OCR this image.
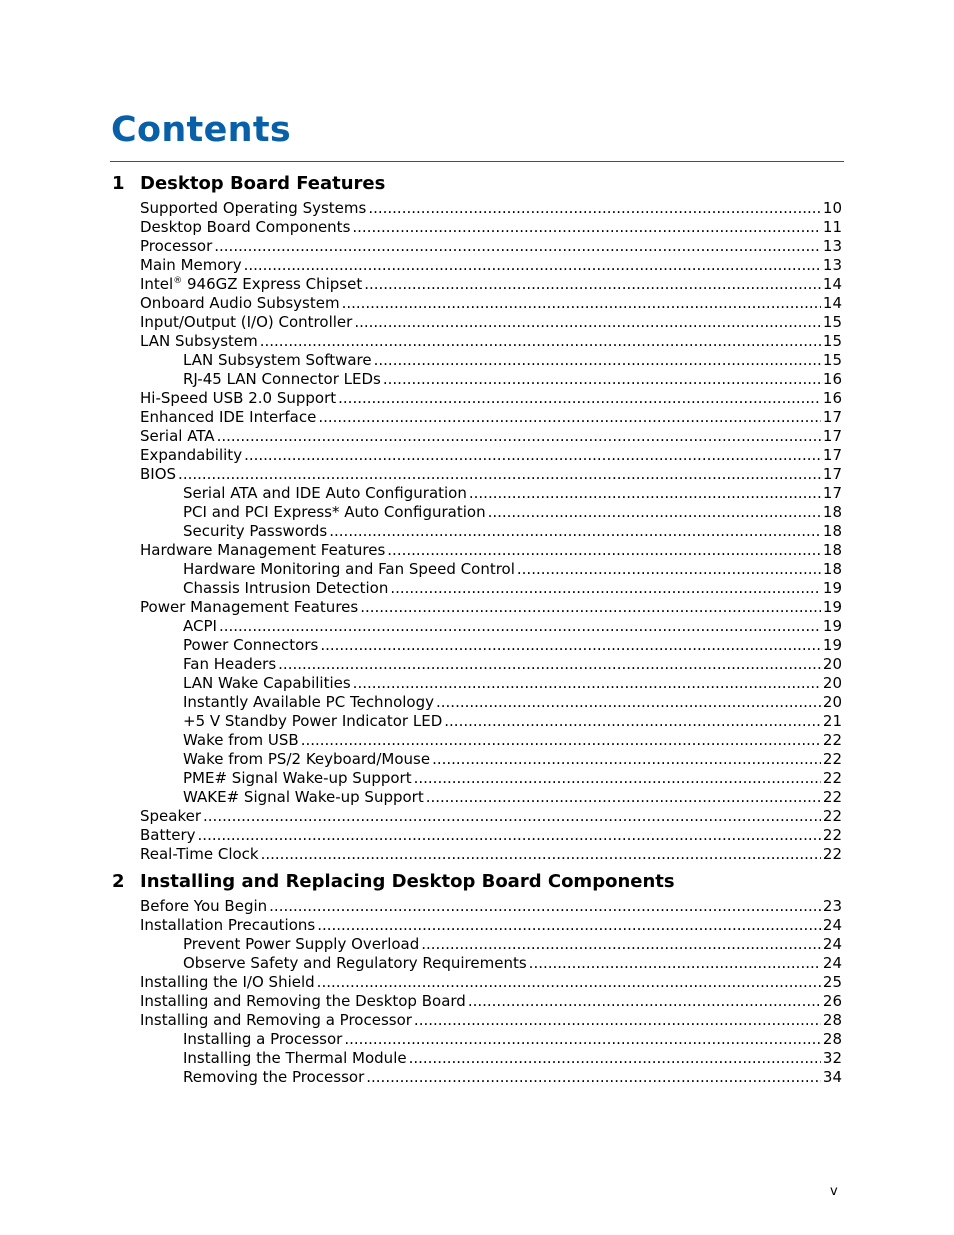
Contents
1 Desktop Board Features
Supported Operating Systems .....	10
Desktop Board Components .....	11
Processor .....	13
Main Memory .....	13
Intel® 946GZ Express Chipset .....	14
Onboard Audio Subsystem .....	14
Input/Output (I/O) Controller .....	15
LAN Subsystem .....	15
LAN Subsystem Software .....	15
RJ-45 LAN Connector LEDs .....	16
Hi-Speed USB 2.0 Support .....	16
Enhanced IDE Interface .....	17
Serial ATA .....	17
Expandability .....	17
BIOS .....	17
Serial ATA and IDE Auto Configuration .....	17
PCI and PCI Express* Auto Configuration .....	18
Security Passwords .....	18
Hardware Management Features .....	18
Hardware Monitoring and Fan Speed Control .....	18
Chassis Intrusion Detection .....	19
Power Management Features .....	19
ACPI .....	19
Power Connectors .....	19
Fan Headers .....	20
LAN Wake Capabilities .....	20
Instantly Available PC Technology .....	20
+5 V Standby Power Indicator LED .....	21
Wake from USB .....	22
Wake from PS/2 Keyboard/Mouse .....	22
PME# Signal Wake-up Support .....	22
WAKE# Signal Wake-up Support .....	22
Speaker .....	22
Battery .....	22
Real-Time Clock .....	22
2 Installing and Replacing Desktop Board Components
Before You Begin .....	23
Installation Precautions .....	24
Prevent Power Supply Overload .....	24
Observe Safety and Regulatory Requirements .....	24
Installing the I/O Shield .....	25
Installing and Removing the Desktop Board .....	26
Installing and Removing a Processor .....	28
Installing a Processor .....	28
Installing the Thermal Module .....	32
Removing the Processor .....	34
v
